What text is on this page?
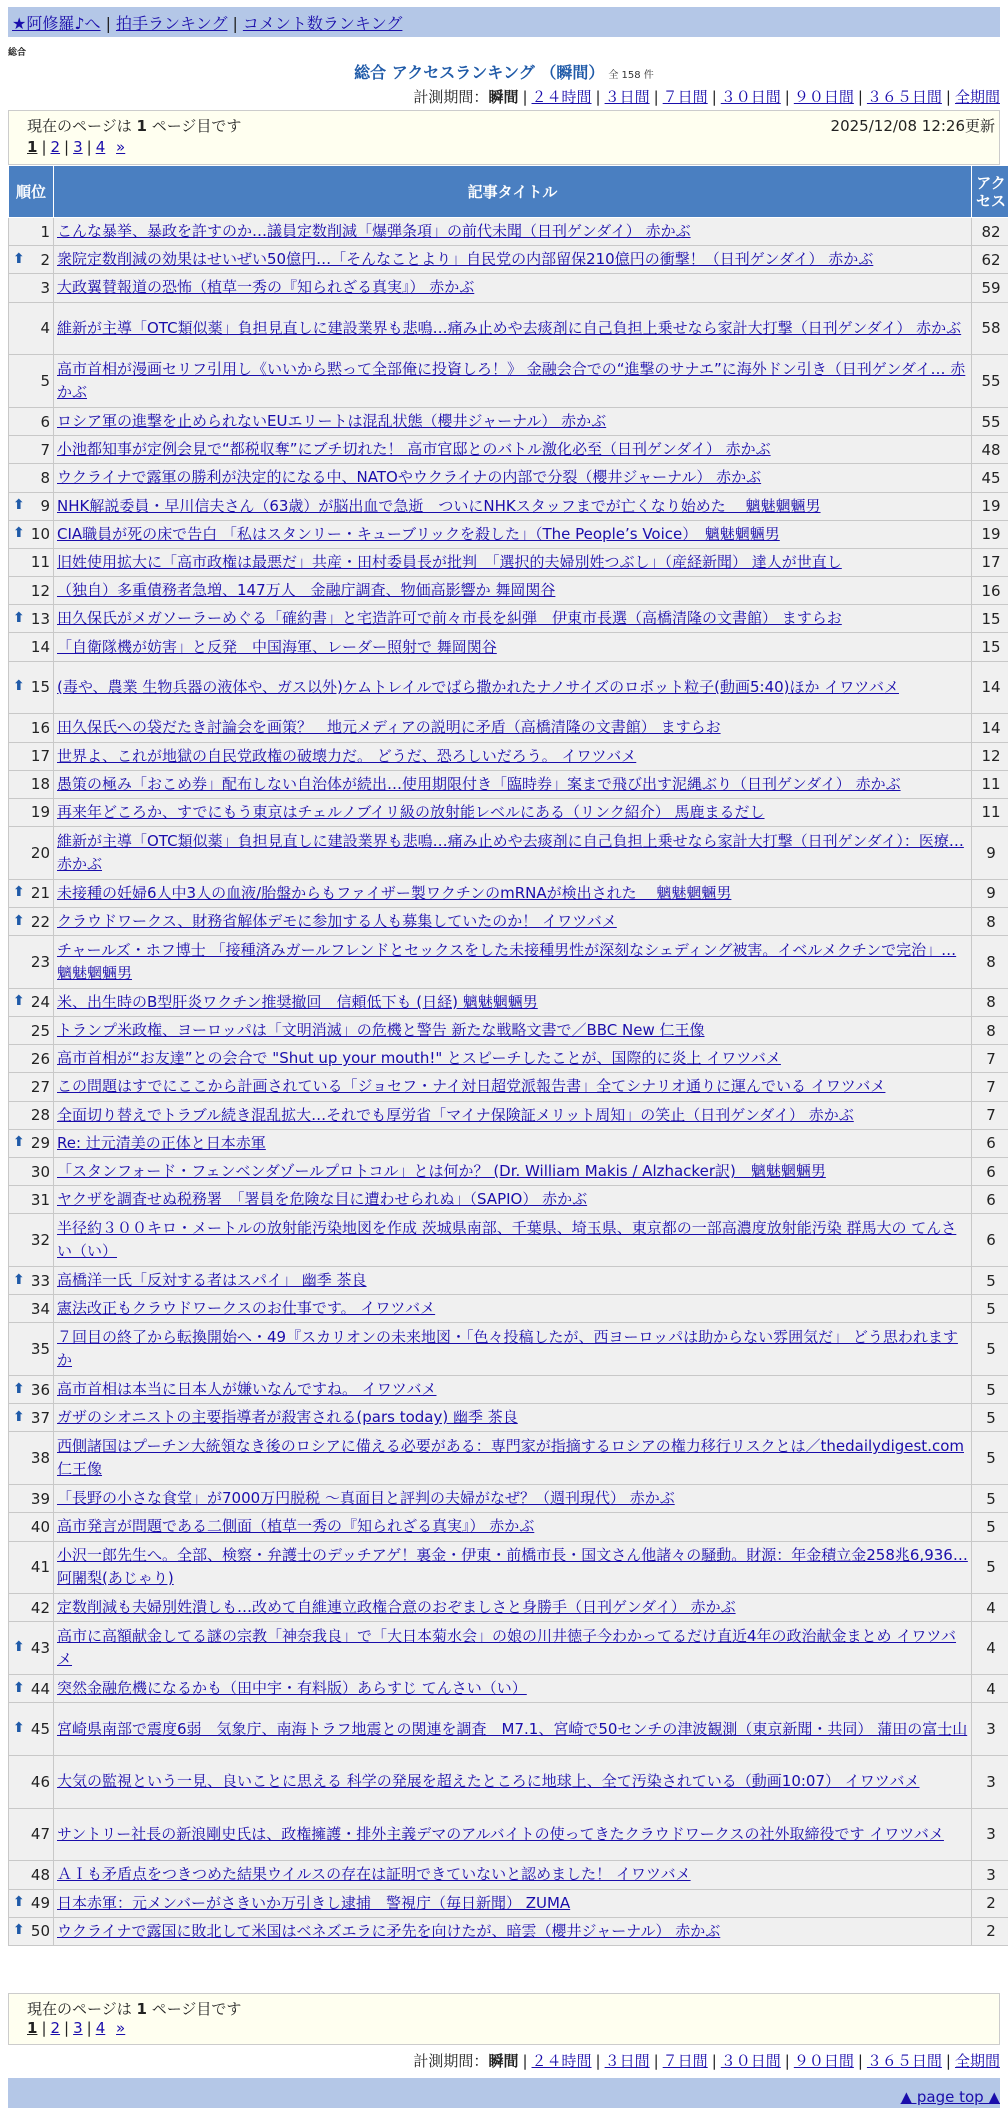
★阿修羅♪へ | 拍手ランキング | コメント数ランキング
総合
総合 アクセスランキング （瞬間） 全 158 件
計測期間：瞬間 | ２４時間 | ３日間 | ７日間 | ３０日間 | ９０日間 | ３６５日間 | 全期間
現在のページは 1 ページ目です	2025/12/08 12:26更新
1 | 2 | 3 | 4 »
順位	記事タイトル	アクセス
1	こんな暴挙、暴政を許すのか…議員定数削減「爆弾条項」の前代未聞（日刊ゲンダイ） 赤かぶ	82

⬆ 2	衆院定数削減の効果はせいぜい50億円…「そんなことより」自民党の内部留保210億円の衝撃！（日刊ゲンダイ） 赤かぶ	62
3	大政翼賛報道の恐怖（植草一秀の『知られざる真実』） 赤かぶ	59
4	維新が主導「OTC類似薬」負担見直しに建設業界も悲鳴…痛み止めや去痰剤に自己負担上乗せなら家計大打撃（日刊ゲンダイ） 赤かぶ	58
5	高市首相が漫画セリフ引用し《いいから黙って全部俺に投資しろ！》 金融会合での“進撃のサナエ”に海外ドン引き（日刊ゲンダイ… 赤かぶ	55
6	ロシア軍の進撃を止められないEUエリートは混乱状態（櫻井ジャーナル） 赤かぶ	55
7	小池都知事が定例会見で“都税収奪”にブチ切れた！ 高市官邸とのバトル激化必至（日刊ゲンダイ） 赤かぶ	48
8	ウクライナで露軍の勝利が決定的になる中、NATOやウクライナの内部で分裂（櫻井ジャーナル） 赤かぶ	45

⬆ 9	NHK解説委員・早川信夫さん（63歳）が脳出血で急逝　ついにNHKスタッフまでが亡くなり始めた　 魑魅魍魎男	19

⬆ 10	CIA職員が死の床で告白 「私はスタンリー・キューブリックを殺した」（The People’s Voice）　魑魅魍魎男	19
11	旧姓使用拡大に「高市政権は最悪だ」共産・田村委員長が批判　「選択的夫婦別姓つぶし」（産経新聞） 達人が世直し	17
12	（独自）多重債務者急増、147万人　金融庁調査、物価高影響か 舞岡関谷	16

⬆ 13	田久保氏がメガソーラーめぐる「確約書」と宅造許可で前々市長を糾弾　伊東市長選（高橋清隆の文書館） ますらお	15
14	「自衛隊機が妨害」と反発　中国海軍、レーダー照射で 舞岡関谷	15

⬆ 15	(毒や、農業 生物兵器の液体や、ガス以外)ケムトレイルでばら撒かれたナノサイズのロボット粒子(動画5:40)ほか イワツバメ	14
16	田久保氏への袋だたき討論会を画策？　地元メディアの説明に矛盾（高橋清隆の文書館） ますらお	14
17	世界よ、これが地獄の自民党政権の破壊力だ。 どうだ、恐ろしいだろう。 イワツバメ	12
18	愚策の極み「おこめ券」配布しない自治体が続出…使用期限付き「臨時券」案まで飛び出す泥縄ぶり（日刊ゲンダイ） 赤かぶ	11
19	再来年どころか、すでにもう東京はチェルノブイリ級の放射能レベルにある（リンク紹介） 馬鹿まるだし	11
20	維新が主導「OTC類似薬」負担見直しに建設業界も悲鳴…痛み止めや去痰剤に自己負担上乗せなら家計大打撃（日刊ゲンダイ）：医療… 赤かぶ	9

⬆ 21	未接種の妊婦6人中3人の血液/胎盤からもファイザー製ワクチンのmRNAが検出された　 魑魅魍魎男	9

⬆ 22	クラウドワークス、財務省解体デモに参加する人も募集していたのか！ イワツバメ	8
23	チャールズ・ホフ博士 「接種済みガールフレンドとセックスをした未接種男性が深刻なシェディング被害。イベルメクチンで完治」… 魑魅魍魎男	8

⬆ 24	米、出生時のB型肝炎ワクチン推奨撤回　信頼低下も (日経) 魑魅魍魎男	8
25	トランプ米政権、ヨーロッパは「文明消滅」の危機と警告 新たな戦略文書で／BBC New 仁王像	8
26	高市首相が“お友達”との会合で "Shut up your mouth!" とスピーチしたことが、国際的に炎上 イワツバメ	7
27	この問題はすでにここから計画されている「ジョセフ・ナイ対日超党派報告書」全てシナリオ通りに運んでいる イワツバメ	7
28	全面切り替えでトラブル続き混乱拡大…それでも厚労省「マイナ保険証メリット周知」の笑止（日刊ゲンダイ） 赤かぶ	7

⬆ 29	Re: 辻元清美の正体と日本赤軍	6
30	「スタンフォード・フェンベンダゾールプロトコル」とは何か？ (Dr. William Makis / Alzhacker訳)　魑魅魍魎男	6
31	ヤクザを調査せぬ税務署　「署員を危険な目に遭わせられぬ」（SAPIO） 赤かぶ	6
32	半径約３００キロ・メートルの放射能汚染地図を作成 茨城県南部、千葉県、埼玉県、東京都の一部高濃度放射能汚染 群馬大の てんさい（い）	6

⬆ 33	高橋洋一氏「反対する者はスパイ」 幽季 茶良	5
34	憲法改正もクラウドワークスのお仕事です。 イワツバメ	5
35	７回目の終了から転換開始へ・49『スカリオンの未来地図・「色々投稿したが、西ヨーロッパは助からない雰囲気だ」 どう思われますか	5

⬆ 36	高市首相は本当に日本人が嫌いなんですね。 イワツバメ	5

⬆ 37	ガザのシオニストの主要指導者が殺害される(pars today) 幽季 茶良	5
38	西側諸国はプーチン大統領なき後のロシアに備える必要がある：専門家が指摘するロシアの権力移行リスクとは／thedailydigest.com 仁王像	5
39	「長野の小さな食堂」が7000万円脱税 ～真面目と評判の夫婦がなぜ？（週刊現代） 赤かぶ	5
40	高市発言が問題である二側面（植草一秀の『知られざる真実』） 赤かぶ	5
41	小沢一郎先生へ。全部、検察・弁護士のデッチアゲ！裏金・伊東・前橋市長・国文さん他諸々の騒動。財源：年金積立金258兆6,936… 阿闍梨(あじゃり)	5
42	定数削減も夫婦別姓潰しも…改めて自維連立政権合意のおぞましさと身勝手（日刊ゲンダイ） 赤かぶ	4

⬆ 43	高市に高額献金してる謎の宗教「神奈我良」で「大日本菊水会」の娘の川井徳子今わかってるだけ直近4年の政治献金まとめ イワツバメ	4

⬆ 44	突然金融危機になるかも（田中宇・有料版）あらすじ てんさい（い）	4

⬆ 45	宮崎県南部で震度6弱　気象庁、南海トラフ地震との関連を調査　M7.1、宮崎で50センチの津波観測（東京新聞・共同） 蒲田の富士山	3
46	大気の監視という一見、良いことに思える 科学の発展を超えたところに地球上、全て汚染されている（動画10:07） イワツバメ	3
47	サントリー社長の新浪剛史氏は、政権擁護・排外主義デマのアルバイトの使ってきたクラウドワークスの社外取締役です イワツバメ	3
48	ＡＩも矛盾点をつきつめた結果ウイルスの存在は証明できていないと認めました！ イワツバメ	3

⬆ 49	日本赤軍：元メンバーがさきいか万引きし逮捕　警視庁（毎日新聞） ZUMA	2

⬆ 50	ウクライナで露国に敗北して米国はベネズエラに矛先を向けたが、暗雲（櫻井ジャーナル） 赤かぶ	2
現在のページは 1 ページ目です
1 | 2 | 3 | 4 »
計測期間：瞬間 | ２４時間 | ３日間 | ７日間 | ３０日間 | ９０日間 | ３６５日間 | 全期間
▲ page top ▲
